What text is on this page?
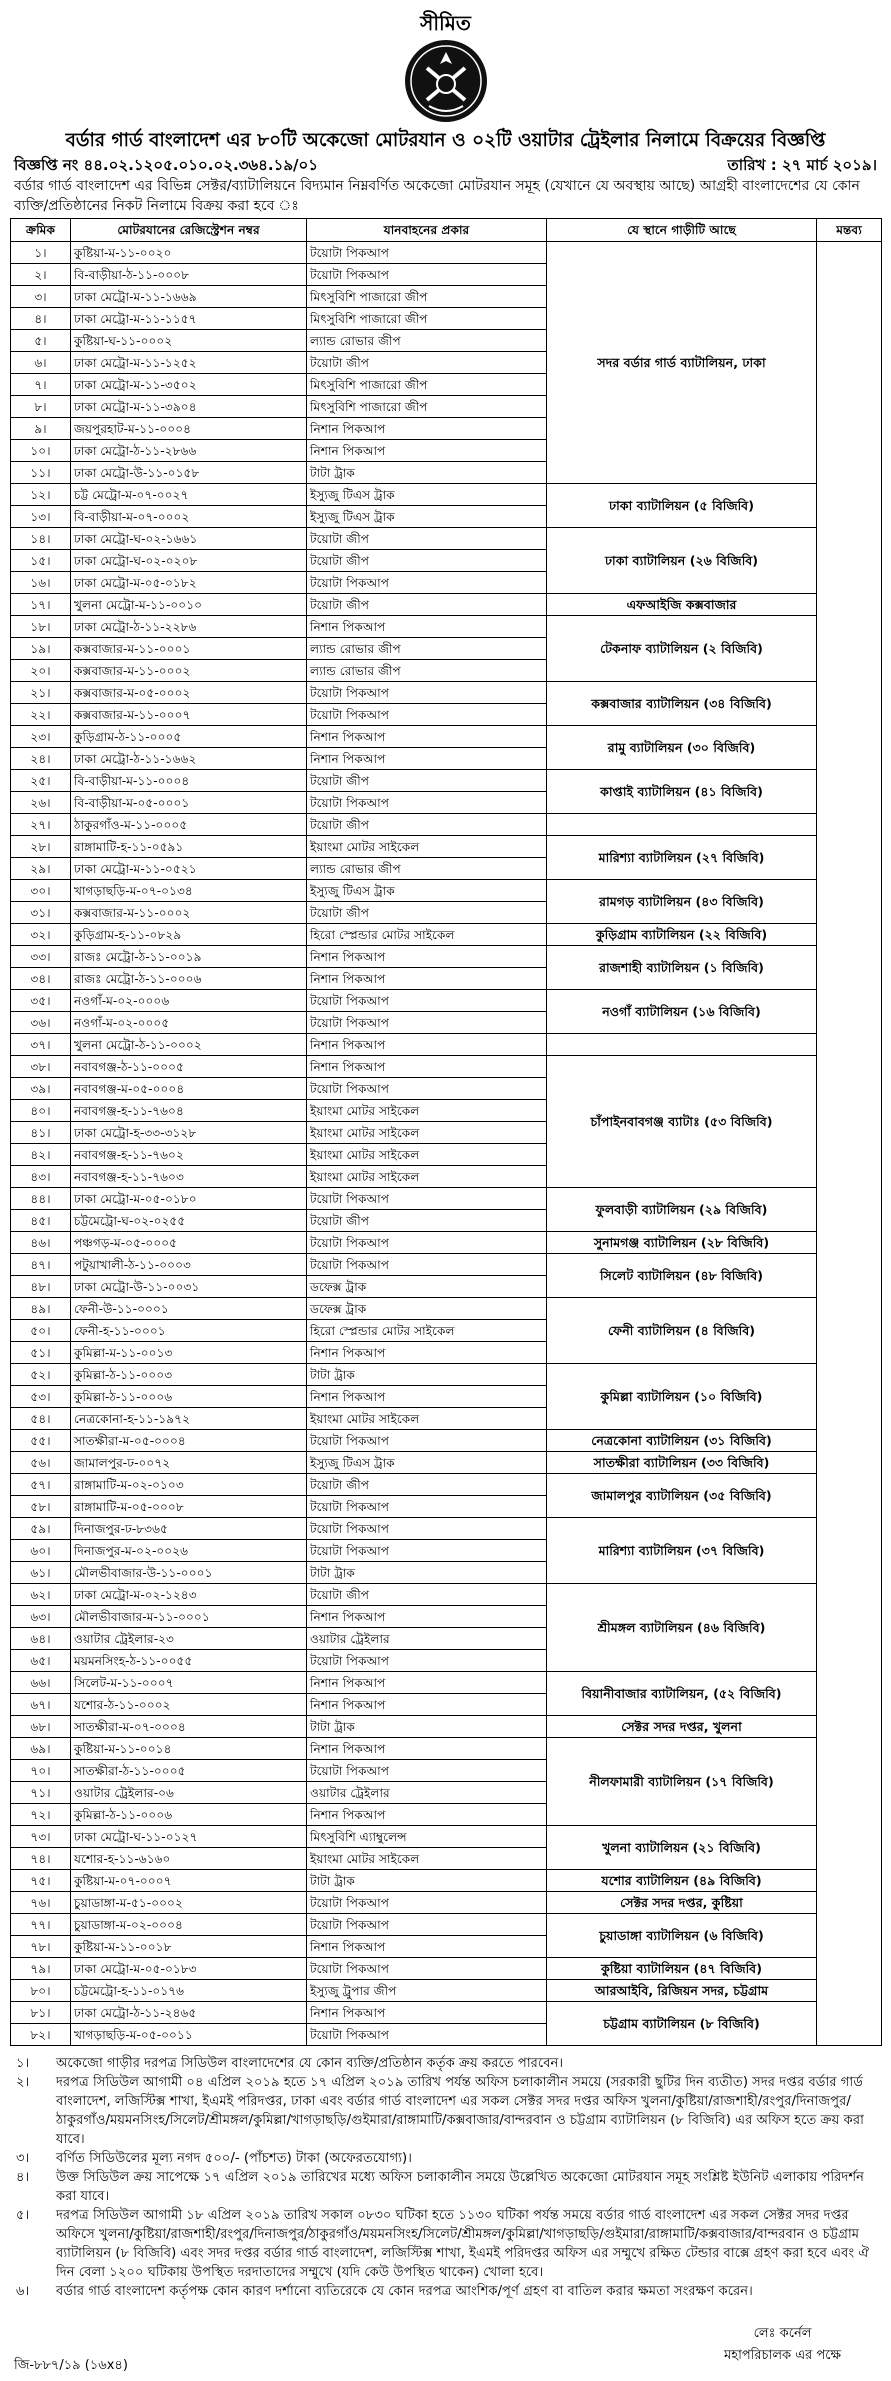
সীমিত
বর্ডার গার্ড বাংলাদেশ এর ৮০টি অকেজো মোটরযান ও ০২টি ওয়াটার ট্রেইলার নিলামে বিক্রয়ের বিজ্ঞপ্তি
বিজ্ঞপ্তি নং ৪৪.০২.১২০৫.০১০.০২.৩৬৪.১৯/০১	তারিখ : ২৭ মার্চ ২০১৯।
বর্ডার গার্ড বাংলাদেশ এর বিভিন্ন সেক্টর/ব্যাটালিয়নে বিদ্যমান নিম্নবর্ণিত অকেজো মোটরযান সমূহ (যেখানে যে অবস্থায় আছে) আগ্রহী বাংলাদেশের যে কোন ব্যক্তি/প্রতিষ্ঠানের নিকট নিলামে বিক্রয় করা হবে ঃ
ক্রমিক	মোটরযানের রেজিস্ট্রেশন নম্বর	যানবাহনের প্রকার	যে স্থানে গাড়ীটি আছে	মন্তব্য
১।	কুষ্টিয়া-ম-১১-০০২০	টয়োটা পিকআপ	সদর বর্ডার গার্ড ব্যাটালিয়ন, ঢাকা	
২।	বি-বাড়ীয়া-ঠ-১১-০০০৮	টয়োটা পিকআপ		
৩।	ঢাকা মেট্রো-ম-১১-১৬৬৯	মিৎসুবিশি পাজারো জীপ		
৪।	ঢাকা মেট্রো-ম-১১-১১৫৭	মিৎসুবিশি পাজারো জীপ		
৫।	কুষ্টিয়া-ঘ-১১-০০০২	ল্যান্ড রোভার জীপ		
৬।	ঢাকা মেট্রো-ম-১১-১২৫২	টয়োটা জীপ		
৭।	ঢাকা মেট্রো-ম-১১-৩৫০২	মিৎসুবিশি পাজারো জীপ		
৮।	ঢাকা মেট্রো-ম-১১-৩৯০৪	মিৎসুবিশি পাজারো জীপ		
৯।	জয়পুরহাট-ম-১১-০০০৪	নিশান পিকআপ		
১০।	ঢাকা মেট্রো-ঠ-১১-২৮৬৬	নিশান পিকআপ		
১১।	ঢাকা মেট্রো-উ-১১-০১৫৮	টাটা ট্রাক		
১২।	চট্ট মেট্রো-ম-০৭-০০২৭	ইস্যুজু টিএস ট্রাক	ঢাকা ব্যাটালিয়ন (৫ বিজিবি)	
১৩।	বি-বাড়ীয়া-ম-০৭-০০০২	ইস্যুজু টিএস ট্রাক		
১৪।	ঢাকা মেট্রো-ঘ-০২-১৬৬১	টয়োটা জীপ	ঢাকা ব্যাটালিয়ন (২৬ বিজিবি)	
১৫।	ঢাকা মেট্রো-ঘ-০২-০২০৮	টয়োটা জীপ		
১৬।	ঢাকা মেট্রো-ম-০৫-০১৮২	টয়োটা পিকআপ		
১৭।	খুলনা মেট্রো-ম-১১-০০১০	টয়োটা জীপ	এফআইজি কক্সবাজার	
১৮।	ঢাকা মেট্রো-ঠ-১১-২২৮৬	নিশান পিকআপ	টেকনাফ ব্যাটালিয়ন (২ বিজিবি)	
১৯।	কক্সবাজার-ম-১১-০০০১	ল্যান্ড রোভার জীপ		
২০।	কক্সবাজার-ম-১১-০০০২	ল্যান্ড রোভার জীপ		
২১।	কক্সবাজার-ম-০৫-০০০২	টয়োটা পিকআপ	কক্সবাজার ব্যাটালিয়ন (৩৪ বিজিবি)	
২২।	কক্সবাজার-ম-১১-০০০৭	টয়োটা পিকআপ		
২৩।	কুড়িগ্রাম-ঠ-১১-০০০৫	নিশান পিকআপ	রামু ব্যাটালিয়ন (৩০ বিজিবি)	
২৪।	ঢাকা মেট্রো-ঠ-১১-১৬৬২	নিশান পিকআপ		
২৫।	বি-বাড়ীয়া-ম-১১-০০০৪	টয়োটা জীপ	কাপ্তাই ব্যাটালিয়ন (৪১ বিজিবি)	
২৬।	বি-বাড়ীয়া-ম-০৫-০০০১	টয়োটা পিকআপ		
২৭।	ঠাকুরগাঁও-ম-১১-০০০৫	টয়োটা জীপ		
২৮।	রাঙ্গামাটি-হ-১১-০৫৯১	ইয়াংমা মোটর সাইকেল	মারিশ্যা ব্যাটালিয়ন (২৭ বিজিবি)	
২৯।	ঢাকা মেট্রো-ম-১১-০৫২১	ল্যান্ড রোভার জীপ		
৩০।	খাগড়াছড়ি-ম-০৭-০১৩৪	ইস্যুজু টিএস ট্রাক	রামগড় ব্যাটালিয়ন (৪৩ বিজিবি)	
৩১।	কক্সবাজার-ম-১১-০০০২	টয়োটা জীপ		
৩২।	কুড়িগ্রাম-হ-১১-০৮২৯	হিরো স্প্লেন্ডার মোটর সাইকেল	কুড়িগ্রাম ব্যাটালিয়ন (২২ বিজিবি)	
৩৩।	রাজঃ মেট্রো-ঠ-১১-০০১৯	নিশান পিকআপ	রাজশাহী ব্যাটালিয়ন (১ বিজিবি)	
৩৪।	রাজঃ মেট্রো-ঠ-১১-০০০৬	নিশান পিকআপ		
৩৫।	নওগাঁ-ম-০২-০০০৬	টয়োটা পিকআপ	নওগাঁ ব্যাটালিয়ন (১৬ বিজিবি)	
৩৬।	নওগাঁ-ম-০২-০০০৫	টয়োটা পিকআপ		
৩৭।	খুলনা মেট্রো-ঠ-১১-০০০২	নিশান পিকআপ		
৩৮।	নবাবগঞ্জ-ঠ-১১-০০০৫	নিশান পিকআপ	চাঁপাইনবাবগঞ্জ ব্যাটাঃ (৫৩ বিজিবি)	
৩৯।	নবাবগঞ্জ-ম-০৫-০০০৪	টয়োটা পিকআপ		
৪০।	নবাবগঞ্জ-হ-১১-৭৬০৪	ইয়াংমা মোটর সাইকেল		
৪১।	ঢাকা মেট্রো-হ-৩৩-৩১২৮	ইয়াংমা মোটর সাইকেল		
৪২।	নবাবগঞ্জ-হ-১১-৭৬০২	ইয়াংমা মোটর সাইকেল		
৪৩।	নবাবগঞ্জ-হ-১১-৭৬০৩	ইয়াংমা মোটর সাইকেল		
৪৪।	ঢাকা মেট্রো-ম-০৫-০১৮০	টয়োটা পিকআপ	ফুলবাড়ী ব্যাটালিয়ন (২৯ বিজিবি)	
৪৫।	চট্টমেট্রো-ঘ-০২-০২৫৫	টয়োটা জীপ		
৪৬।	পঞ্চগড়-ম-০৫-০০০৫	টয়োটা পিকআপ	সুনামগঞ্জ ব্যাটালিয়ন (২৮ বিজিবি)	
৪৭।	পটুয়াখালী-ঠ-১১-০০০৩	টয়োটা পিকআপ	সিলেট ব্যাটালিয়ন (৪৮ বিজিবি)	
৪৮।	ঢাকা মেট্রো-উ-১১-০০৩১	ডফেক্স ট্রাক		
৪৯।	ফেনী-উ-১১-০০০১	ডফেক্স ট্রাক	ফেনী ব্যাটালিয়ন (৪ বিজিবি)	
৫০।	ফেনী-হ-১১-০০০১	হিরো স্প্লেন্ডার মোটর সাইকেল		
৫১।	কুমিল্লা-ম-১১-০০১৩	নিশান পিকআপ		
৫২।	কুমিল্লা-ঠ-১১-০০০৩	টাটা ট্রাক	কুমিল্লা ব্যাটালিয়ন (১০ বিজিবি)	
৫৩।	কুমিল্লা-ঠ-১১-০০০৬	নিশান পিকআপ		
৫৪।	নেত্রকোনা-হ-১১-১৯৭২	ইয়াংমা মোটর সাইকেল		
৫৫।	সাতক্ষীরা-ম-০৫-০০০৪	টয়োটা পিকআপ	নেত্রকোনা ব্যাটালিয়ন (৩১ বিজিবি)	
৫৬।	জামালপুর-ঢ-০০৭২	ইস্যুজু টিএস ট্রাক	সাতক্ষীরা ব্যাটালিয়ন (৩৩ বিজিবি)	
৫৭।	রাঙ্গামাটি-ম-০২-০১০৩	টয়োটা জীপ	জামালপুর ব্যাটালিয়ন (৩৫ বিজিবি)	
৫৮।	রাঙ্গামাটি-ম-০৫-০০০৮	টয়োটা পিকআপ		
৫৯।	দিনাজপুর-ঢ-৮৩৬৫	টয়োটা পিকআপ	মারিশ্যা ব্যাটালিয়ন (৩৭ বিজিবি)	
৬০।	দিনাজপুর-ম-০২-০০২৬	টয়োটা পিকআপ		
৬১।	মৌলভীবাজার-উ-১১-০০০১	টাটা ট্রাক		
৬২।	ঢাকা মেট্রো-ম-০২-১২৪৩	টয়োটা জীপ	শ্রীমঙ্গল ব্যাটালিয়ন (৪৬ বিজিবি)	
৬৩।	মৌলভীবাজার-ম-১১-০০০১	নিশান পিকআপ		
৬৪।	ওয়াটার ট্রেইলার-২৩	ওয়াটার ট্রেইলার		
৬৫।	ময়মনসিংহ-ঠ-১১-০০৫৫	টয়োটা পিকআপ		
৬৬।	সিলেট-ম-১১-০০০৭	নিশান পিকআপ	বিয়ানীবাজার ব্যাটালিয়ন, (৫২ বিজিবি)	
৬৭।	যশোর-ঠ-১১-০০০২	নিশান পিকআপ		
৬৮।	সাতক্ষীরা-ম-০৭-০০০৪	টাটা ট্রাক	সেক্টর সদর দপ্তর, খুলনা	
৬৯।	কুষ্টিয়া-ম-১১-০০১৪	নিশান পিকআপ	নীলফামারী ব্যাটালিয়ন (১৭ বিজিবি)	
৭০।	সাতক্ষীরা-ঠ-১১-০০০৫	টয়োটা পিকআপ		
৭১।	ওয়াটার ট্রেইলার-০৬	ওয়াটার ট্রেইলার		
৭২।	কুমিল্লা-ঠ-১১-০০০৬	নিশান পিকআপ		
৭৩।	ঢাকা মেট্রো-ঘ-১১-০১২৭	মিৎসুবিশি এ্যাম্বুলেন্স	খুলনা ব্যাটালিয়ন (২১ বিজিবি)	
৭৪।	যশোর-হ-১১-৬১৬০	ইয়াংমা মোটর সাইকেল		
৭৫।	কুষ্টিয়া-ম-০৭-০০০৭	টাটা ট্রাক	যশোর ব্যাটালিয়ন (৪৯ বিজিবি)	
৭৬।	চুয়াডাঙ্গা-ম-৫১-০০০২	টয়োটা পিকআপ	সেক্টর সদর দপ্তর, কুষ্টিয়া	
৭৭।	চুয়াডাঙ্গা-ম-০২-০০০৪	টয়োটা পিকআপ	চুয়াডাঙ্গা ব্যাটালিয়ন (৬ বিজিবি)	
৭৮।	কুষ্টিয়া-ম-১১-০০১৮	নিশান পিকআপ		
৭৯।	ঢাকা মেট্রো-ম-০৫-০১৮৩	টয়োটা পিকআপ	কুষ্টিয়া ব্যাটালিয়ন (৪৭ বিজিবি)	
৮০।	চট্টমেট্রো-হ-১১-০১৭৬	ইস্যুজু ট্রুপার জীপ	আরআইবি, রিজিয়ন সদর, চট্টগ্রাম	
৮১।	ঢাকা মেট্রো-ঠ-১১-২৪৬৫	নিশান পিকআপ	চট্টগ্রাম ব্যাটালিয়ন (৮ বিজিবি)	
৮২।	খাগড়াছড়ি-ম-০৫-০০১১	টয়োটা পিকআপ		
১।	অকেজো গাড়ীর দরপত্র সিডিউল বাংলাদেশের যে কোন ব্যক্তি/প্রতিষ্ঠান কর্তৃক ক্রয় করতে পারবেন।
২।	দরপত্র সিডিউল আগামী ০৪ এপ্রিল ২০১৯ হতে ১৭ এপ্রিল ২০১৯ তারিখ পর্যন্ত অফিস চলাকালীন সময়ে (সরকারী ছুটির দিন ব্যতীত) সদর দপ্তর বর্ডার গার্ড বাংলাদেশ, লজিস্টিক্স শাখা, ইএমই পরিদপ্তর, ঢাকা এবং বর্ডার গার্ড বাংলাদেশ এর সকল সেক্টর সদর দপ্তর অফিস খুলনা/কুষ্টিয়া/রাজশাহী/রংপুর/দিনাজপুর/ঠাকুরগাঁও/ময়মনসিংহ/সিলেট/শ্রীমঙ্গল/কুমিল্লা/খাগড়াছড়ি/গুইমারা/রাঙ্গামাটি/কক্সবাজার/বান্দরবান ও চট্টগ্রাম ব্যাটালিয়ন (৮ বিজিবি) এর অফিস হতে ক্রয় করা যাবে।
৩।	বর্ণিত সিডিউলের মূল্য নগদ ৫০০/- (পাঁচশত) টাকা (অফেরতযোগ্য)।
৪।	উক্ত সিডিউল ক্রয় সাপেক্ষে ১৭ এপ্রিল ২০১৯ তারিখের মধ্যে অফিস চলাকালীন সময়ে উল্লেখিত অকেজো মোটরযান সমূহ সংশ্লিষ্ট ইউনিট এলাকায় পরিদর্শন করা যাবে।
৫।	দরপত্র সিডিউল আগামী ১৮ এপ্রিল ২০১৯ তারিখ সকাল ০৮৩০ ঘটিকা হতে ১১৩০ ঘটিকা পর্যন্ত সময়ে বর্ডার গার্ড বাংলাদেশ এর সকল সেক্টর সদর দপ্তর অফিসে খুলনা/কুষ্টিয়া/রাজশাহী/রংপুর/দিনাজপুর/ঠাকুরগাঁও/ময়মনসিংহ/সিলেট/শ্রীমঙ্গল/কুমিল্লা/খাগড়াছড়ি/গুইমারা/রাঙ্গামাটি/কক্সবাজার/বান্দরবান ও চট্টগ্রাম ব্যাটালিয়ন (৮ বিজিবি) এবং সদর দপ্তর বর্ডার গার্ড বাংলাদেশ, লজিস্টিক্স শাখা, ইএমই পরিদপ্তর অফিস এর সম্মুখে রক্ষিত টেন্ডার বাক্সে গ্রহণ করা হবে এবং ঐ দিন বেলা ১২০০ ঘটিকায় উপস্থিত দরদাতাদের সম্মুখে (যদি কেউ উপস্থিত থাকেন) খোলা হবে।
৬।	বর্ডার গার্ড বাংলাদেশ কর্তৃপক্ষ কোন কারণ দর্শানো ব্যতিরেকে যে কোন দরপত্র আংশিক/পূর্ণ গ্রহণ বা বাতিল করার ক্ষমতা সংরক্ষণ করেন।
জি-৮৮৭/১৯ (১৬x৪)
লেঃ কর্নেল
মহাপরিচালক এর পক্ষে
